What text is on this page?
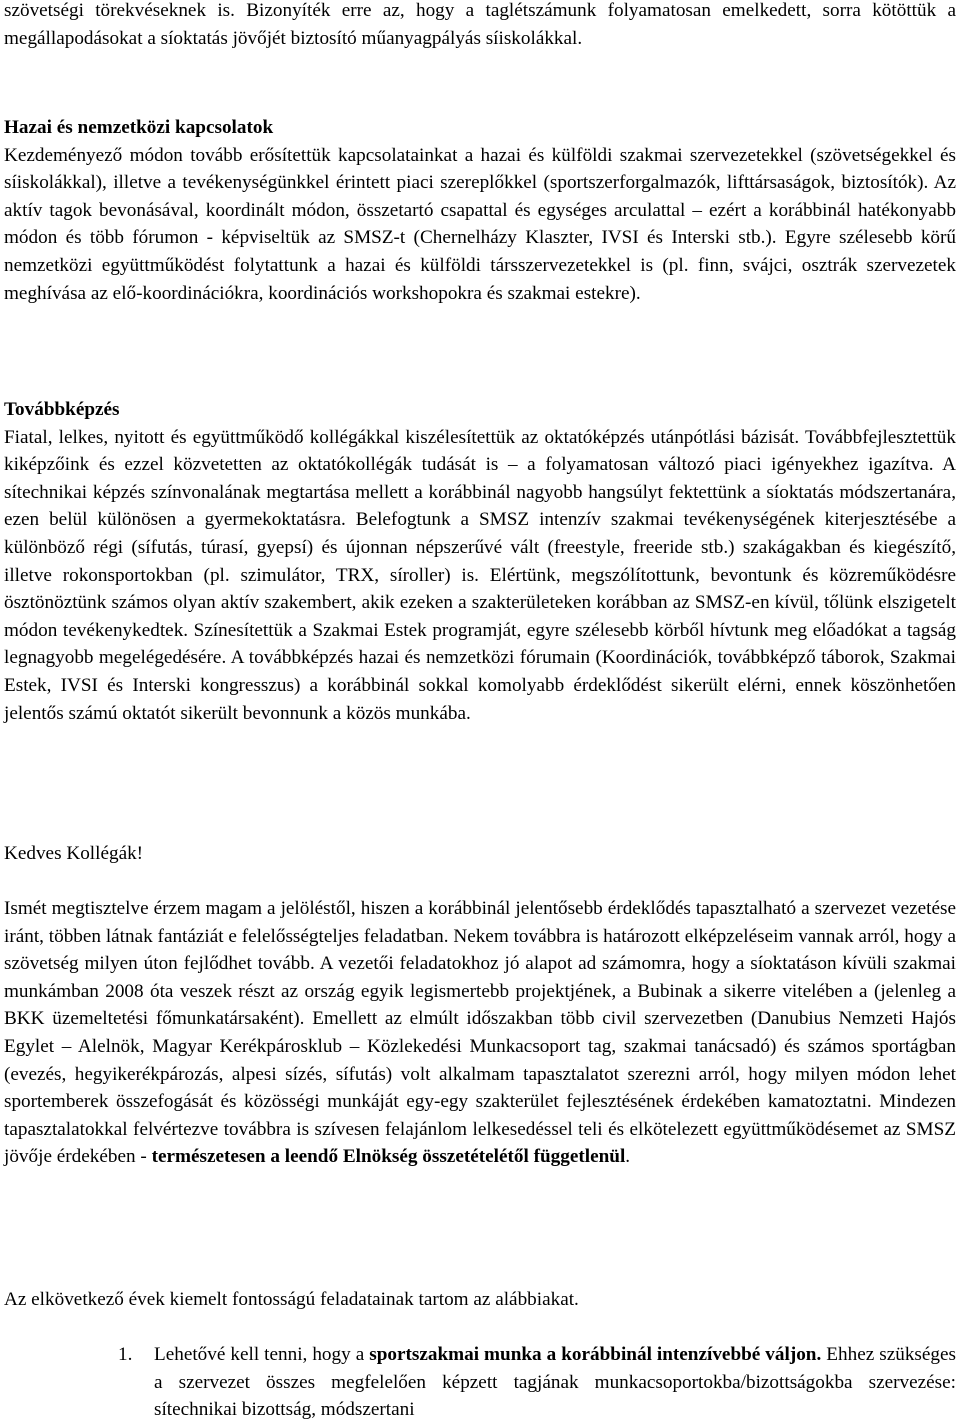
szövetségi törekvéseknek is. Bizonyíték erre az, hogy a taglétszámunk folyamatosan emelkedett, sorra kötöttük a megállapodásokat a síoktatás jövőjét biztosító műanyagpályás síiskolákkal.

Hazai és nemzetközi kapcsolatok
Kezdeményező módon tovább erősítettük kapcsolatainkat a hazai és külföldi szakmai szervezetekkel (szövetségekkel és síiskolákkal), illetve a tevékenységünkkel érintett piaci szereplőkkel (sportszerforgalmazók, lifttársaságok, biztosítók). Az aktív tagok bevonásával, koordinált módon, összetartó csapattal és egységes arculattal – ezért a korábbinál hatékonyabb módon és több fórumon - képviseltük az SMSZ-t (Chernelházy Klaszter, IVSI és Interski stb.). Egyre szélesebb körű nemzetközi együttműködést folytattunk a hazai és külföldi társszervezetekkel is (pl. finn, svájci, osztrák szervezetek meghívása az elő-koordinációkra, koordinációs workshopokra és szakmai estekre).
Továbbképzés
Fiatal, lelkes, nyitott és együttműködő kollégákkal kiszélesítettük az oktatóképzés utánpótlási bázisát. Továbbfejlesztettük kiképzőink és ezzel közvetetten az oktatókollégák tudását is – a folyamatosan változó piaci igényekhez igazítva. A sítechnikai képzés színvonalának megtartása mellett a korábbinál nagyobb hangsúlyt fektettünk a síoktatás módszertanára, ezen belül különösen a gyermekoktatásra. Belefogtunk a SMSZ intenzív szakmai tevékenységének kiterjesztésébe a különböző régi (sífutás, túrasí, gyepsí) és újonnan népszerűvé vált (freestyle, freeride stb.) szakágakban és kiegészítő, illetve rokonsportokban (pl. szimulátor, TRX, síroller) is. Elértünk, megszólítottunk, bevontunk és közreműködésre ösztönöztünk számos olyan aktív szakembert, akik ezeken a szakterületeken korábban az SMSZ-en kívül, tőlünk elszigetelt módon tevékenykedtek. Színesítettük a Szakmai Estek programját, egyre szélesebb körből hívtunk meg előadókat a tagság legnagyobb megelégedésére. A továbbképzés hazai és nemzetközi fórumain (Koordinációk, továbbképző táborok, Szakmai Estek, IVSI és Interski kongresszus) a korábbinál sokkal komolyabb érdeklődést sikerült elérni, ennek köszönhetően jelentős számú oktatót sikerült bevonnunk a közös munkába.

Kedves Kollégák!

Ismét megtisztelve érzem magam a jelöléstől, hiszen a korábbinál jelentősebb érdeklődés tapasztalható a szervezet vezetése iránt, többen látnak fantáziát e felelősségteljes feladatban. Nekem továbbra is határozott elképzeléseim vannak arról, hogy a szövetség milyen úton fejlődhet tovább. A vezetői feladatokhoz jó alapot ad számomra, hogy a síoktatáson kívüli szakmai munkámban 2008 óta veszek részt az ország egyik legismertebb projektjének, a Bubinak a sikerre vitelében a (jelenleg a BKK üzemeltetési főmunkatársaként). Emellett az elmúlt időszakban több civil szervezetben (Danubius Nemzeti Hajós Egylet – Alelnök, Magyar Kerékpárosklub – Közlekedési Munkacsoport tag, szakmai tanácsadó) és számos sportágban (evezés, hegyikerékpározás, alpesi sízés, sífutás) volt alkalmam tapasztalatot szerezni arról, hogy milyen módon lehet sportemberek összefogását és közösségi munkáját egy-egy szakterület fejlesztésének érdekében kamatoztatni. Mindezen tapasztalatokkal felvértezve továbbra is szívesen felajánlom lelkesedéssel teli és elkötelezett együttműködésemet az SMSZ jövője érdekében - természetesen a leendő Elnökség összetételétől függetlenül.

Az elkövetkező évek kiemelt fontosságú feladatainak tartom az alábbiakat.

1. Lehetővé kell tenni, hogy a sportszakmai munka a korábbinál intenzívebbé váljon. Ehhez szükséges a szervezet összes megfelelően képzett tagjának munkacsoportokba/bizottságokba szervezése: sítechnikai bizottság, módszertani
